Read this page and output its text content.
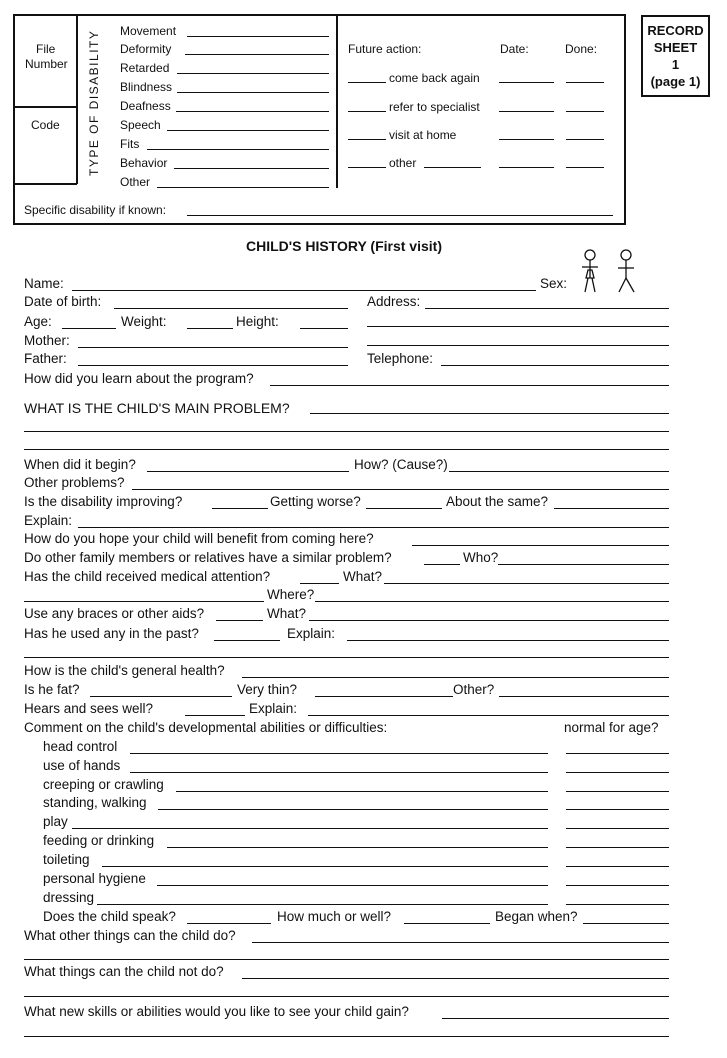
File
Number
Code TYPE OF DISABILITY Movement
Deformity
Retarded
Blindness
Deafness
Speech
Fits
Behavior
Other
Future action:	Date:	Done:
come back again
refer to specialist
visit at home
other
Specific disability if known:
RECORD
SHEET
1
(page 1)
CHILD'S HISTORY (First visit)
Name:	Sex:
Date of birth:	Address:
Age:	Weight:	Height:
Mother:
Father:	Telephone:
How did you learn about the program?
WHAT IS THE CHILD'S MAIN PROBLEM?
When did it begin?	How? (Cause?)
Other problems?
Is the disability improving?	Getting worse?	About the same?
Explain:
How do you hope your child will benefit from coming here?
Do other family members or relatives have a similar problem?	Who?
Has the child received medical attention?	What?
Where?
Use any braces or other aids?	What?
Has he used any in the past?	Explain:
How is the child's general health?
Is he fat?	Very thin?	Other?
Hears and sees well?	Explain:
Comment on the child's developmental abilities or difficulties:	normal for age?
head control
use of hands
creeping or crawling
standing, walking
play
feeding or drinking
toileting
personal hygiene
dressing
Does the child speak?	How much or well?	Began when?
What other things can the child do?
What things can the child not do?
What new skills or abilities would you like to see your child gain?
